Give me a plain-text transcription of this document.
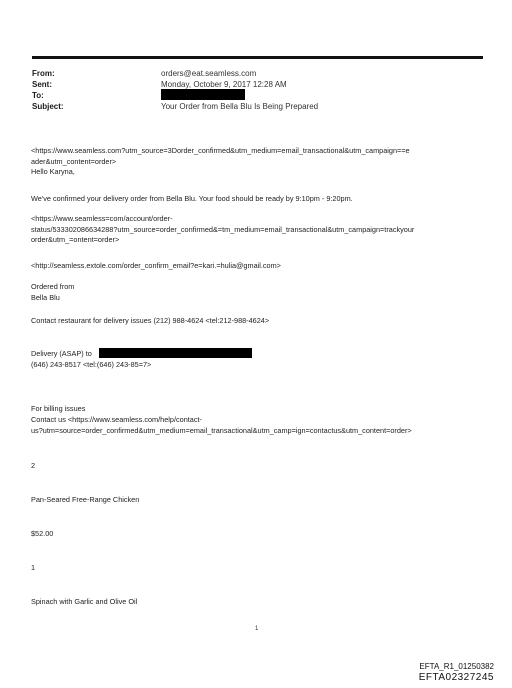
From:	orders@eat.seamless.com
Sent:	Monday, October 9, 2017 12:28 AM
To:
Subject:	Your Order from Bella Blu Is Being Prepared
<https://www.seamless.com?utm_source=3Dorder_confirmed&utm_medium=email_transactional&utm_campaign==e
ader&utm_content=order>
Hello Karyna,
We've confirmed your delivery order from Bella Blu. Your food should be ready by 9:10pm - 9:20pm.
<https://www.seamless=com/account/order-
status/533302086634288?utm_source=order_confirmed&=tm_medium=email_transactional&utm_campaign=trackyour
order&utm_=ontent=order>
<http://seamless.extole.com/order_confirm_email?e=kari.=hulia@gmail.com>
Ordered from
Bella Blu
Contact restaurant for delivery issues (212) 988-4624 <tel:212-988-4624>
Delivery (ASAP) to
(646) 243-8517 <tel:(646) 243-85=7>
For billing issues
Contact us <https://www.seamless.com/help/contact-
us?utm=source=order_confirmed&utm_medium=email_transactional&utm_camp=ign=contactus&utm_content=order>
2
Pan-Seared Free-Range Chicken
$52.00
1
Spinach with Garlic and Olive Oil
1
EFTA_R1_01250382
EFTA02327245
